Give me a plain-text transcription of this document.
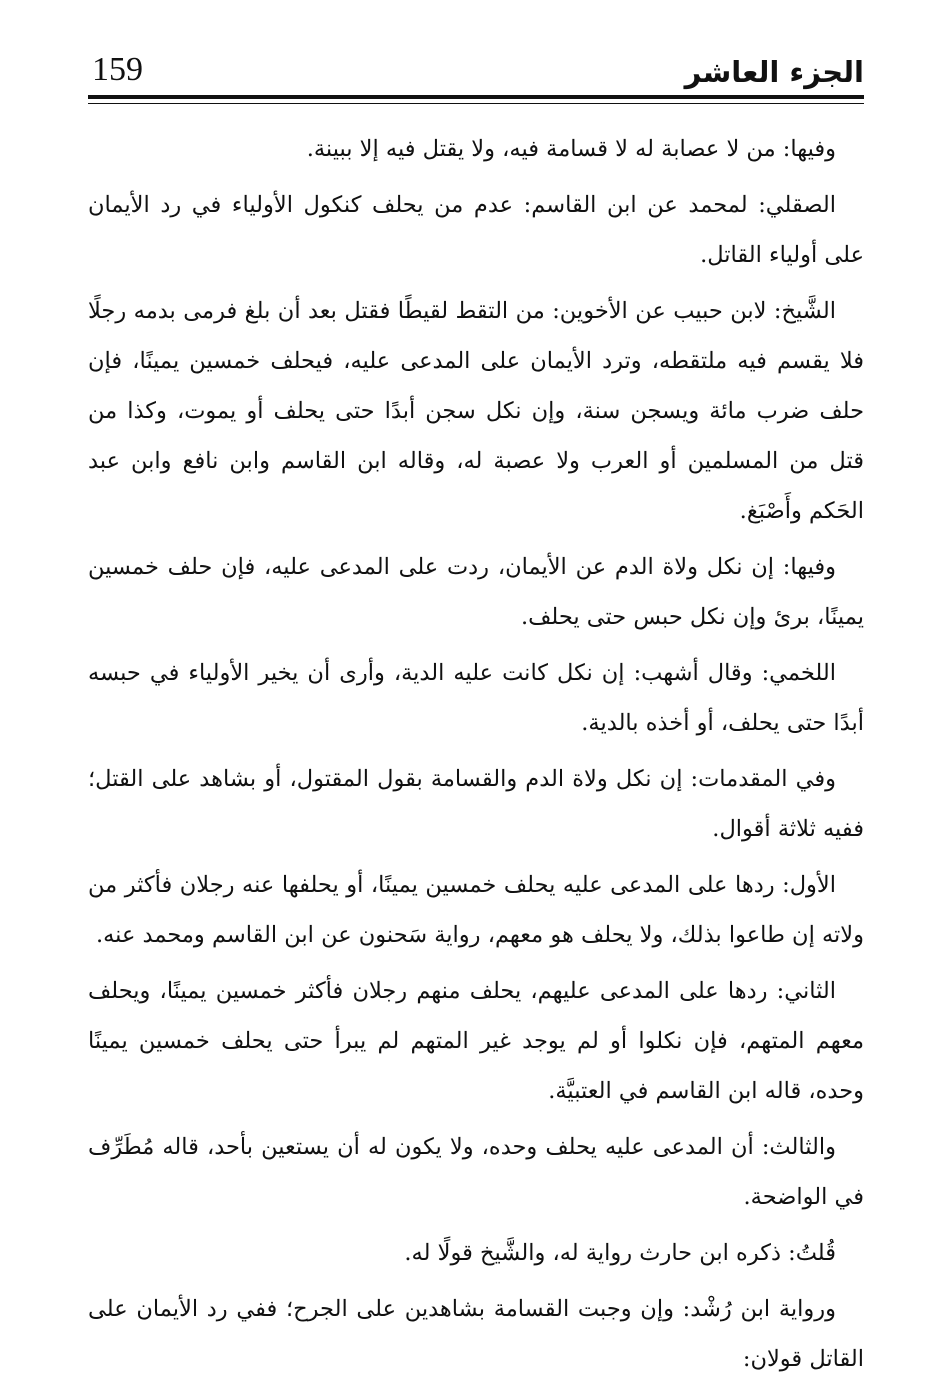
الجزء العاشر
159

وفيها: من لا عصابة له لا قسامة فيه، ولا يقتل فيه إلا ببينة.

الصقلي: لمحمد عن ابن القاسم: عدم من يحلف كنكول الأولياء في رد الأيمان على أولياء القاتل.

الشَّيخ: لابن حبيب عن الأخوين: من التقط لقيطًا فقتل بعد أن بلغ فرمى بدمه رجلًا فلا يقسم فيه ملتقطه، وترد الأيمان على المدعى عليه، فيحلف خمسين يمينًا، فإن حلف ضرب مائة ويسجن سنة، وإن نكل سجن أبدًا حتى يحلف أو يموت، وكذا من قتل من المسلمين أو العرب ولا عصبة له، وقاله ابن القاسم وابن نافع وابن عبد الحَكم وأَصْبَغ.

وفيها: إن نكل ولاة الدم عن الأيمان، ردت على المدعى عليه، فإن حلف خمسين يمينًا، برئ وإن نكل حبس حتى يحلف.

اللخمي: وقال أشهب: إن نكل كانت عليه الدية، وأرى أن يخير الأولياء في حبسه أبدًا حتى يحلف، أو أخذه بالدية.

وفي المقدمات: إن نكل ولاة الدم والقسامة بقول المقتول، أو بشاهد على القتل؛ ففيه ثلاثة أقوال.

الأول: ردها على المدعى عليه يحلف خمسين يمينًا، أو يحلفها عنه رجلان فأكثر من ولاته إن طاعوا بذلك، ولا يحلف هو معهم، رواية سَحنون عن ابن القاسم ومحمد عنه.

الثاني: ردها على المدعى عليهم، يحلف منهم رجلان فأكثر خمسين يمينًا، ويحلف معهم المتهم، فإن نكلوا أو لم يوجد غير المتهم لم يبرأ حتى يحلف خمسين يمينًا وحده، قاله ابن القاسم في العتبيَّة.

والثالث: أن المدعى عليه يحلف وحده، ولا يكون له أن يستعين بأحد، قاله مُطَرِّف في الواضحة.

قُلتُ: ذكره ابن حارث رواية له، والشَّيخ قولًا له.

ورواية ابن رُشْد: وإن وجبت القسامة بشاهدين على الجرح؛ ففي رد الأيمان على القاتل قولان:
